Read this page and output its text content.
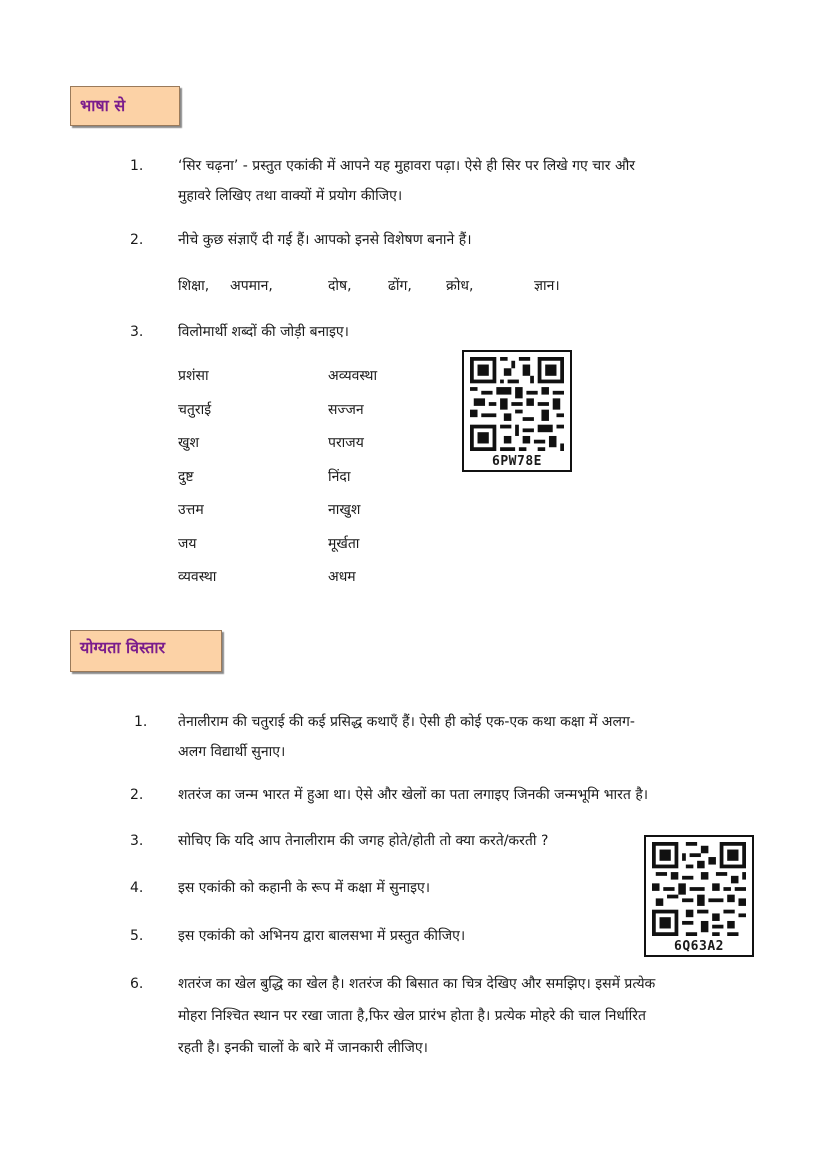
भाषा से
1. ‘सिर चढ़ना’ - प्रस्तुत एकांकी में आपने यह मुहावरा पढ़ा। ऐसे ही सिर पर लिखे गए चार और
मुहावरे लिखिए तथा वाक्यों में प्रयोग कीजिए।
2. नीचे कुछ संज्ञाएँ दी गई हैं। आपको इनसे विशेषण बनाने हैं।
शिक्षा, अपमान,	दोष,	ढोंग, क्रोध,	ज्ञान।
3. विलोमार्थी शब्दों की जोड़ी बनाइए।
प्रशंसा	अव्यवस्था
चतुराई	सज्जन
खुश	पराजय
दुष्ट	निंदा
उत्तम	नाखुश
जय	मूर्खता
व्यवस्था	अधम
6PW78E
योग्यता विस्तार
1. तेनालीराम की चतुराई की कई प्रसिद्ध कथाएँ हैं। ऐसी ही कोई एक-एक कथा कक्षा में अलग-
अलग विद्यार्थी सुनाए।
2. शतरंज का जन्म भारत में हुआ था। ऐसे और खेलों का पता लगाइए जिनकी जन्मभूमि भारत है।
3. सोचिए कि यदि आप तेनालीराम की जगह होते/होती तो क्या करते/करती ?
4. इस एकांकी को कहानी के रूप में कक्षा में सुनाइए।
5. इस एकांकी को अभिनय द्वारा बालसभा में प्रस्तुत कीजिए।
6. शतरंज का खेल बुद्धि का खेल है। शतरंज की बिसात का चित्र देखिए और समझिए। इसमें प्रत्येक
मोहरा निश्चित स्थान पर रखा जाता है,फिर खेल प्रारंभ होता है। प्रत्येक मोहरे की चाल निर्धारित
रहती है। इनकी चालों के बारे में जानकारी लीजिए।
6Q63A2
